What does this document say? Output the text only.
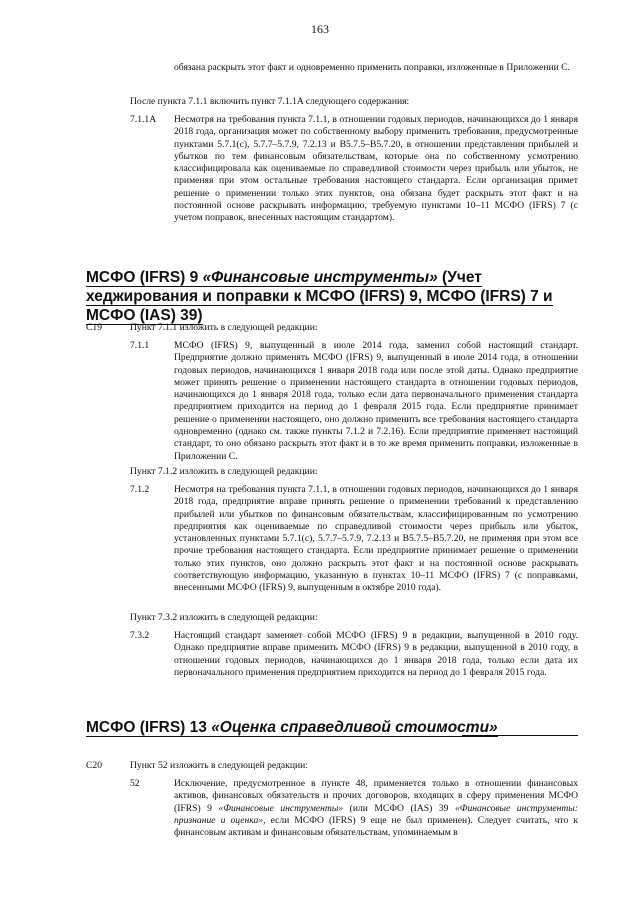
163
обязана раскрыть этот факт и одновременно применить поправки, изложенные в Приложении C.
После пункта 7.1.1 включить пункт 7.1.1A следующего содержания:
7.1.1A Несмотря на требования пункта 7.1.1, в отношении годовых периодов, начинающихся до 1 января 2018 года, организация может по собственному выбору применить требования, предусмотренные пунктами 5.7.1(c), 5.7.7–5.7.9, 7.2.13 и B5.7.5–B5.7.20, в отношении представления прибылей и убытков по тем финансовым обязательствам, которые она по собственному усмотрению классифицировала как оцениваемые по справедливой стоимости через прибыль или убыток, не применяя при этом остальные требования настоящего стандарта. Если организация примет решение о применении только этих пунктов, она обязана будет раскрыть этот факт и на постоянной основе раскрывать информацию, требуемую пунктами 10–11 МСФО (IFRS) 7 (с учетом поправок, внесенных настоящим стандартом).
МСФО (IFRS) 9 «Финансовые инструменты» (Учет хеджирования и поправки к МСФО (IFRS) 9, МСФО (IFRS) 7 и МСФО (IAS) 39)
C19	Пункт 7.1.1 изложить в следующей редакции:
7.1.1	МСФО (IFRS) 9, выпущенный в июле 2014 года, заменил собой настоящий стандарт. Предприятие должно применять МСФО (IFRS) 9, выпущенный в июле 2014 года, в отношении годовых периодов, начинающихся 1 января 2018 года или после этой даты. Однако предприятие может принять решение о применении настоящего стандарта в отношении годовых периодов, начинающихся до 1 января 2018 года, только если дата первоначального применения стандарта предприятием приходится на период до 1 февраля 2015 года. Если предприятие принимает решение о применении настоящего, оно должно применить все требования настоящего стандарта одновременно (однако см. также пункты 7.1.2 и 7.2.16). Если предприятие применяет настоящий стандарт, то оно обязано раскрыть этот факт и в то же время применить поправки, изложенные в Приложении C.
Пункт 7.1.2 изложить в следующей редакции:
7.1.2	Несмотря на требования пункта 7.1.1, в отношении годовых периодов, начинающихся до 1 января 2018 года, предприятие вправе принять решение о применении требований к представлению прибылей или убытков по финансовым обязательствам, классифицированным по усмотрению предприятия как оцениваемые по справедливой стоимости через прибыль или убыток, установленных пунктами 5.7.1(c), 5.7.7–5.7.9, 7.2.13 и B5.7.5–B5.7.20, не применяя при этом все прочие требования настоящего стандарта. Если предприятие принимает решение о применении только этих пунктов, оно должно раскрыть этот факт и на постоянной основе раскрывать соответствующую информацию, указанную в пунктах 10–11 МСФО (IFRS) 7 (с поправками, внесенными МСФО (IFRS) 9, выпущенным в октябре 2010 года).
Пункт 7.3.2 изложить в следующей редакции:
7.3.2	Настоящий стандарт заменяет собой МСФО (IFRS) 9 в редакции, выпущенной в 2010 году. Однако предприятие вправе применить МСФО (IFRS) 9 в редакции, выпущенной в 2010 году, в отношении годовых периодов, начинающихся до 1 января 2018 года, только если дата их первоначального применения предприятием приходится на период до 1 февраля 2015 года.
МСФО (IFRS) 13 «Оценка справедливой стоимости»
C20	Пункт 52 изложить в следующей редакции:
52	Исключение, предусмотренное в пункте 48, применяется только в отношении финансовых активов, финансовых обязательств и прочих договоров, входящих в сферу применения МСФО (IFRS) 9 «Финансовые инструменты» (или МСФО (IAS) 39 «Финансовые инструменты: признание и оценка», если МСФО (IFRS) 9 еще не был применен). Следует считать, что к финансовым активам и финансовым обязательствам, упоминаемым в
